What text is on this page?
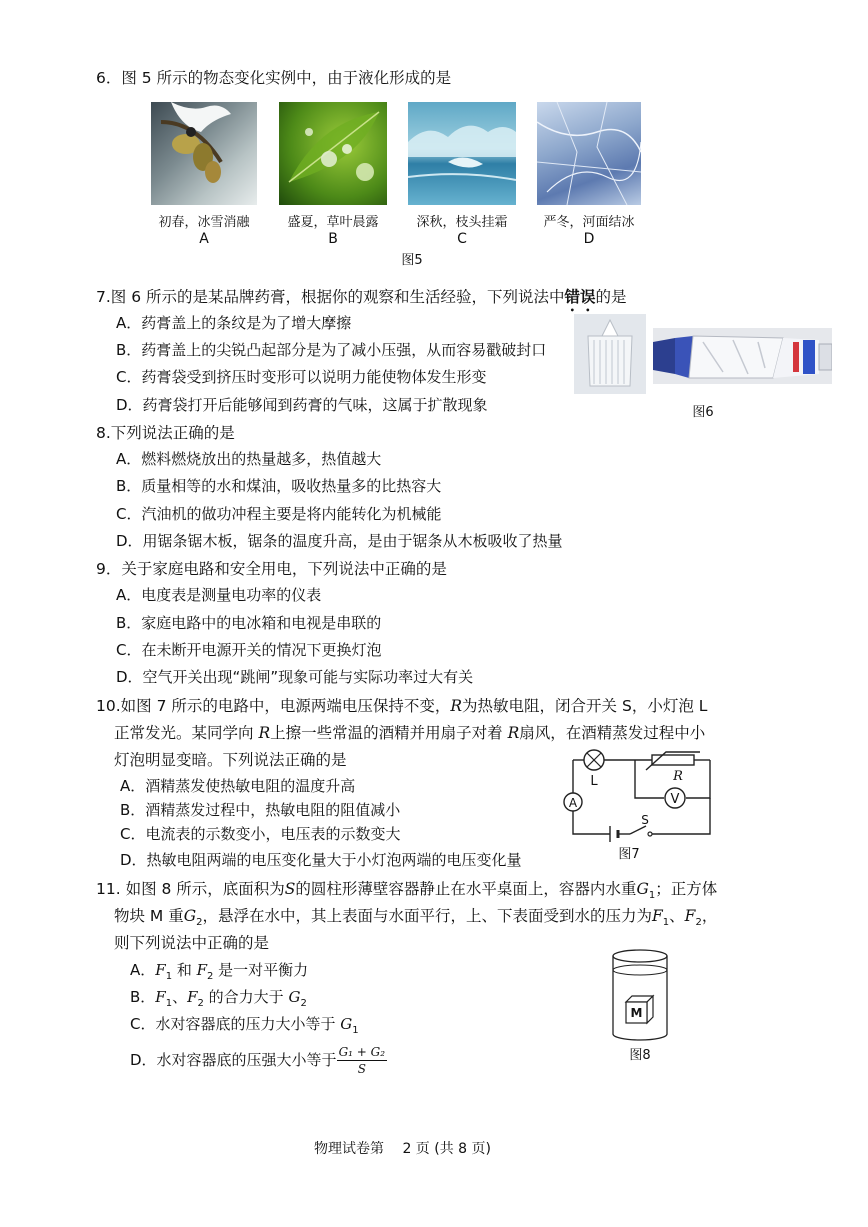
6．图 5 所示的物态变化实例中，由于液化形成的是
初春，冰雪消融	盛夏，草叶晨露	深秋，枝头挂霜	严冬，河面结冰
A	B	C	D
图5
7.图 6 所示的是某品牌药膏，根据你的观察和生活经验，下列说法中错误的是
A．药膏盖上的条纹是为了增大摩擦
B．药膏盖上的尖锐凸起部分是为了减小压强，从而容易戳破封口
C．药膏袋受到挤压时变形可以说明力能使物体发生形变
D．药膏袋打开后能够闻到药膏的气味，这属于扩散现象	图6
8.下列说法正确的是
A．燃料燃烧放出的热量越多，热值越大
B．质量相等的水和煤油，吸收热量多的比热容大
C．汽油机的做功冲程主要是将内能转化为机械能
D．用锯条锯木板，锯条的温度升高，是由于锯条从木板吸收了热量
9．关于家庭电路和安全用电，下列说法中正确的是
A．电度表是测量电功率的仪表
B．家庭电路中的电冰箱和电视是串联的
C．在未断开电源开关的情况下更换灯泡
D．空气开关出现“跳闸”现象可能与实际功率过大有关
10.如图 7 所示的电路中，电源两端电压保持不变，R为热敏电阻，闭合开关 S，小灯泡 L
正常发光。某同学向 R上擦一些常温的酒精并用扇子对着 R扇风，在酒精蒸发过程中小
灯泡明显变暗。下列说法正确的是
A．酒精蒸发使热敏电阻的温度升高
B．酒精蒸发过程中，热敏电阻的阻值减小
C．电流表的示数变小，电压表的示数变大
D．热敏电阻两端的电压变化量大于小灯泡两端的电压变化量
A	V
L	R
S
图7
11. 如图 8 所示，底面积为S的圆柱形薄壁容器静止在水平桌面上，容器内水重$G_1$；正方体
物块 M 重$G_2$，悬浮在水中，其上表面与水面平行，上、下表面受到水的压力为$F_1$、$F_2$，
则下列说法中正确的是
A．$F_1$ 和 $F_2$ 是一对平衡力
B．$F_1$、$F_2$ 的合力大于 $G_2$
C．水对容器底的压力大小等于 $G_1$
D．水对容器底的压强大小等于 $\frac{\text{G₁ + G₂}}{S}$
M
图8
物理试卷第　 2 页 (共 8 页)
